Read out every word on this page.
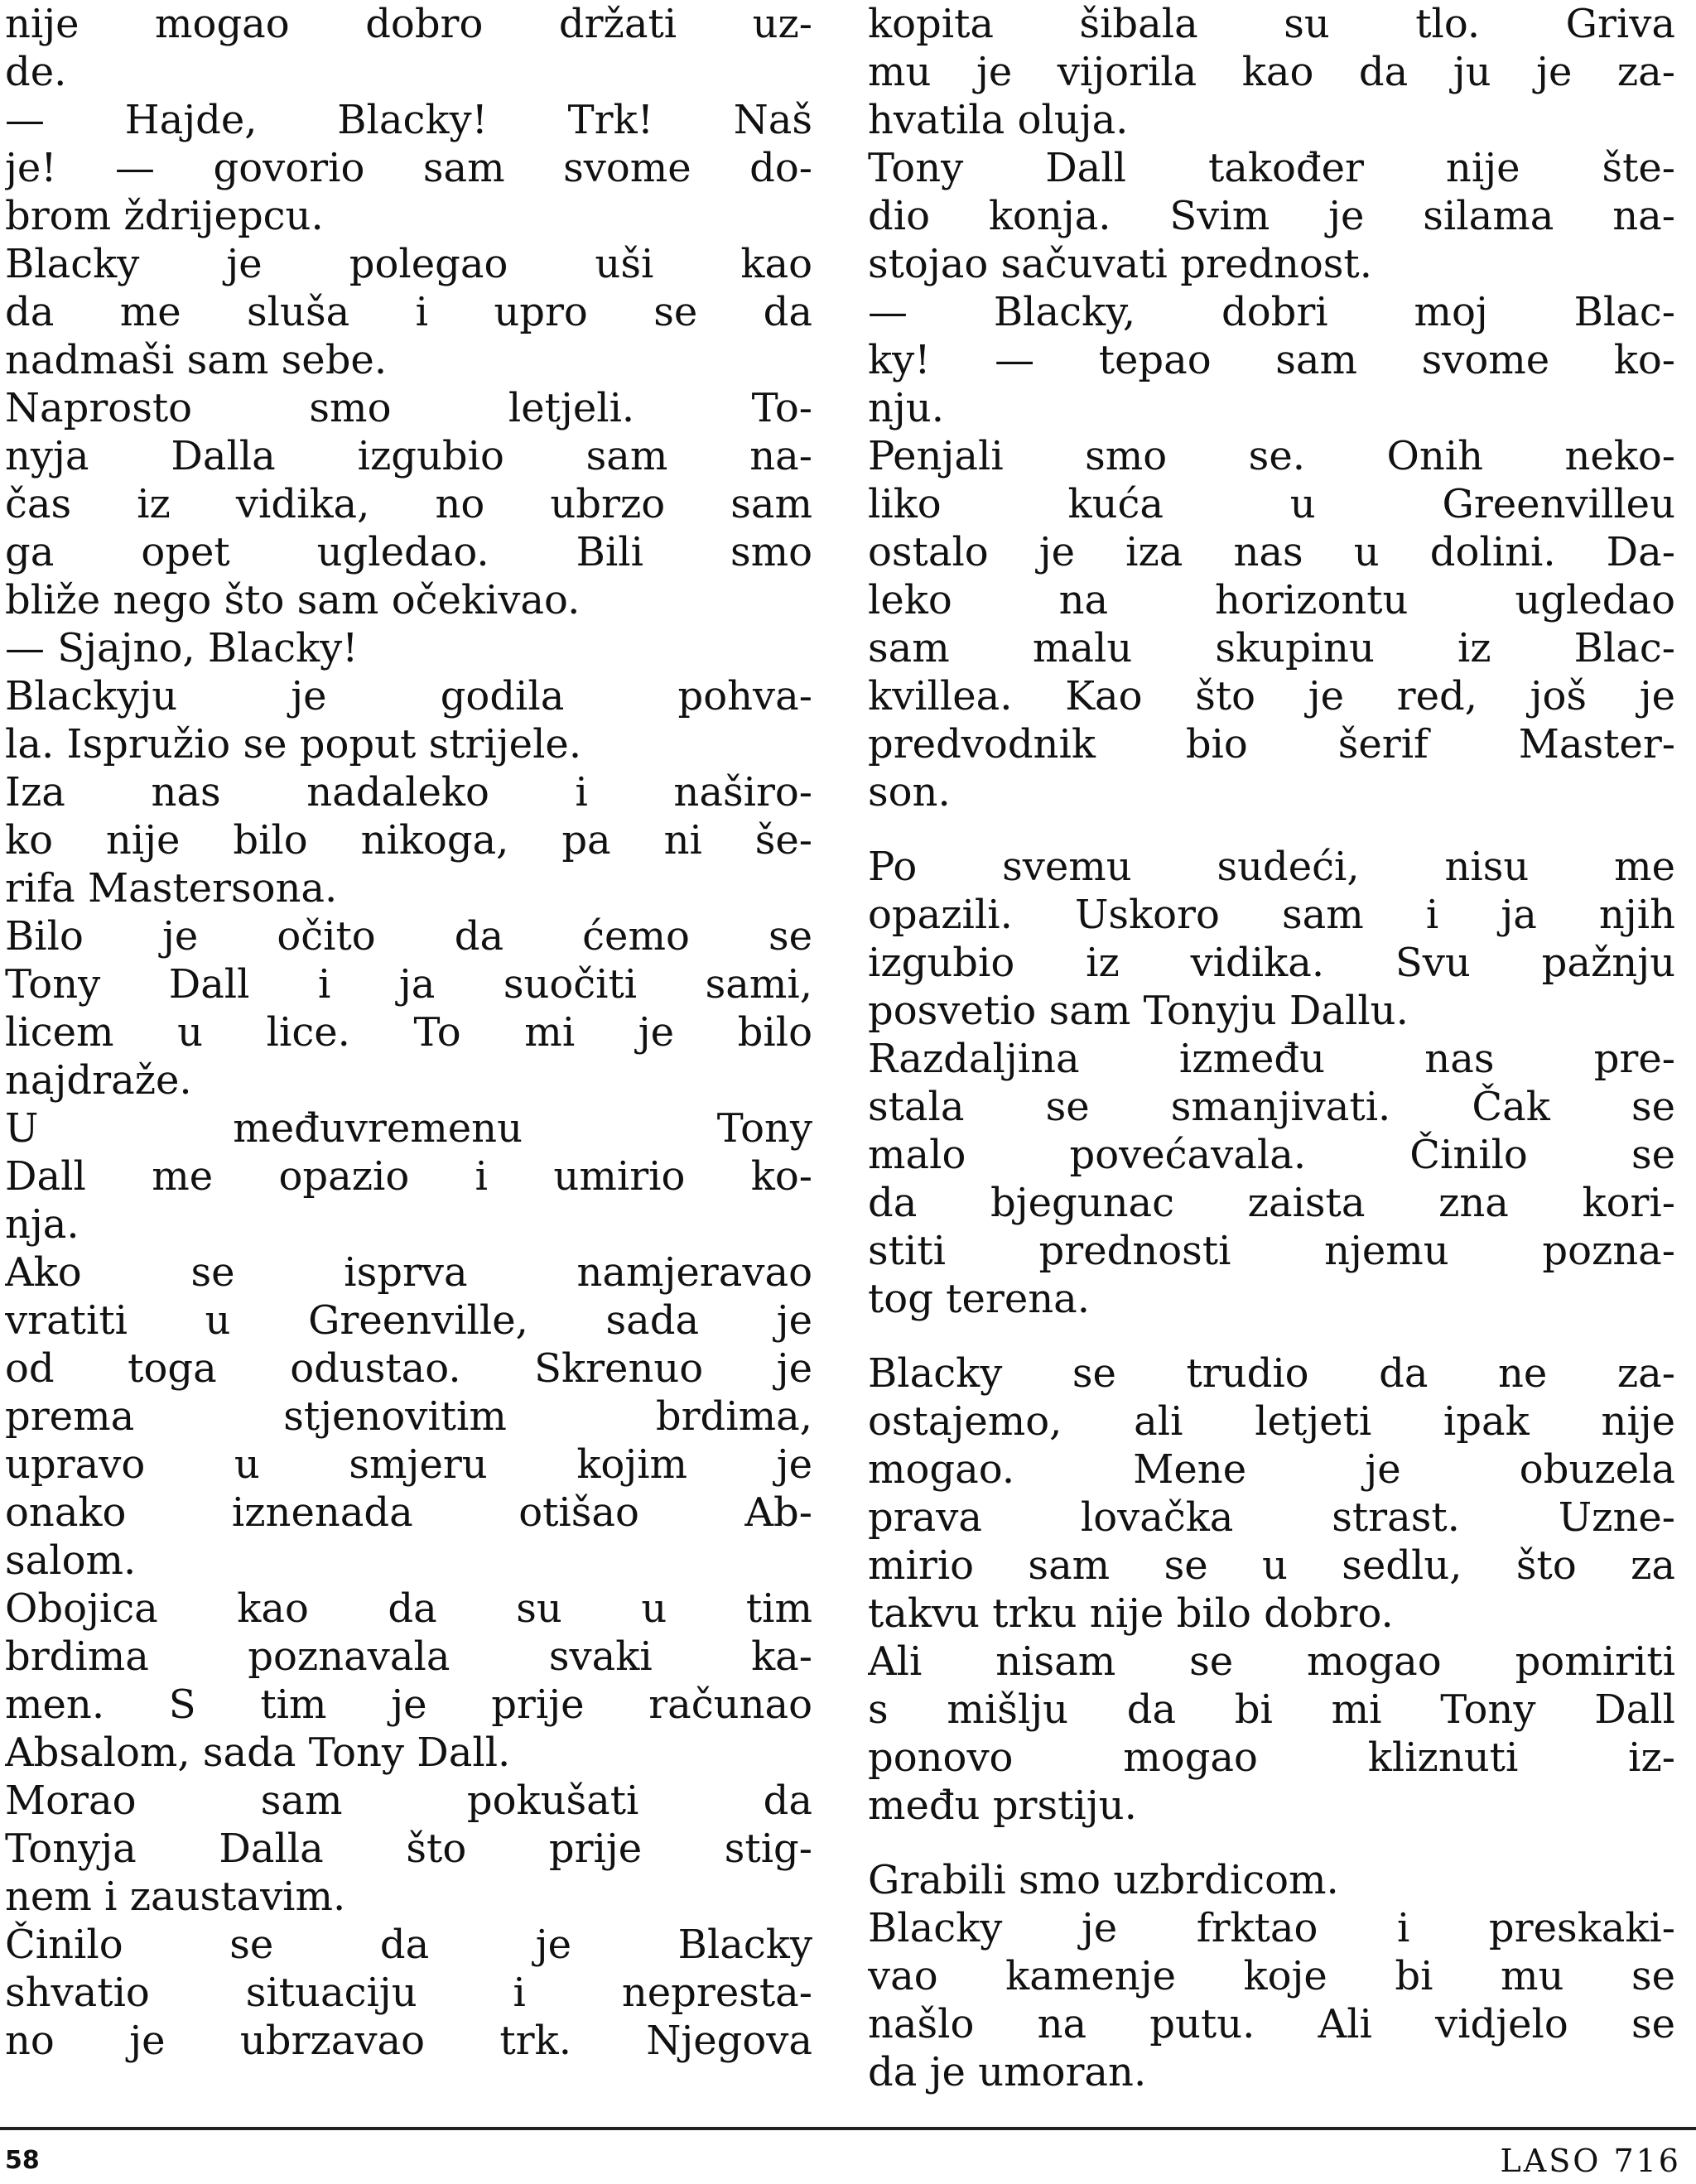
nije mogao dobro držati uz-
de.
— Hajde, Blacky! Trk! Naš
je! — govorio sam svome do-
brom ždrijepcu.
Blacky je polegao uši kao
da me sluša i upro se da
nadmaši sam sebe.
Naprosto smo letjeli. To-
nyja Dalla izgubio sam na-
čas iz vidika, no ubrzo sam
ga opet ugledao. Bili smo
bliže nego što sam očekivao.
— Sjajno, Blacky!
Blackyju je godila pohva-
la. Ispružio se poput strijele.
Iza nas nadaleko i naširo-
ko nije bilo nikoga, pa ni še-
rifa Mastersona.
Bilo je očito da ćemo se
Tony Dall i ja suočiti sami,
licem u lice. To mi je bilo
najdraže.
U međuvremenu Tony
Dall me opazio i umirio ko-
nja.
Ako se isprva namjeravao
vratiti u Greenville, sada je
od toga odustao. Skrenuo je
prema stjenovitim brdima,
upravo u smjeru kojim je
onako iznenada otišao Ab-
salom.
Obojica kao da su u tim
brdima poznavala svaki ka-
men. S tim je prije računao
Absalom, sada Tony Dall.
Morao sam pokušati da
Tonyja Dalla što prije stig-
nem i zaustavim.
Činilo se da je Blacky
shvatio situaciju i nepresta-
no je ubrzavao trk. Njegova
kopita šibala su tlo. Griva
mu je vijorila kao da ju je za-
hvatila oluja.
Tony Dall također nije šte-
dio konja. Svim je silama na-
stojao sačuvati prednost.
— Blacky, dobri moj Blac-
ky! — tepao sam svome ko-
nju.
Penjali smo se. Onih neko-
liko kuća u Greenvilleu
ostalo je iza nas u dolini. Da-
leko na horizontu ugledao
sam malu skupinu iz Blac-
kvillea. Kao što je red, još je
predvodnik bio šerif Master-
son.
Po svemu sudeći, nisu me
opazili. Uskoro sam i ja njih
izgubio iz vidika. Svu pažnju
posvetio sam Tonyju Dallu.
Razdaljina između nas pre-
stala se smanjivati. Čak se
malo povećavala. Činilo se
da bjegunac zaista zna kori-
stiti prednosti njemu pozna-
tog terena.
Blacky se trudio da ne za-
ostajemo, ali letjeti ipak nije
mogao. Mene je obuzela
prava lovačka strast. Uzne-
mirio sam se u sedlu, što za
takvu trku nije bilo dobro.
Ali nisam se mogao pomiriti
s mišlju da bi mi Tony Dall
ponovo mogao kliznuti iz-
među prstiju.
Grabili smo uzbrdicom.
Blacky je frktao i preskaki-
vao kamenje koje bi mu se
našlo na putu. Ali vidjelo se
da je umoran.
58	LASO 716
